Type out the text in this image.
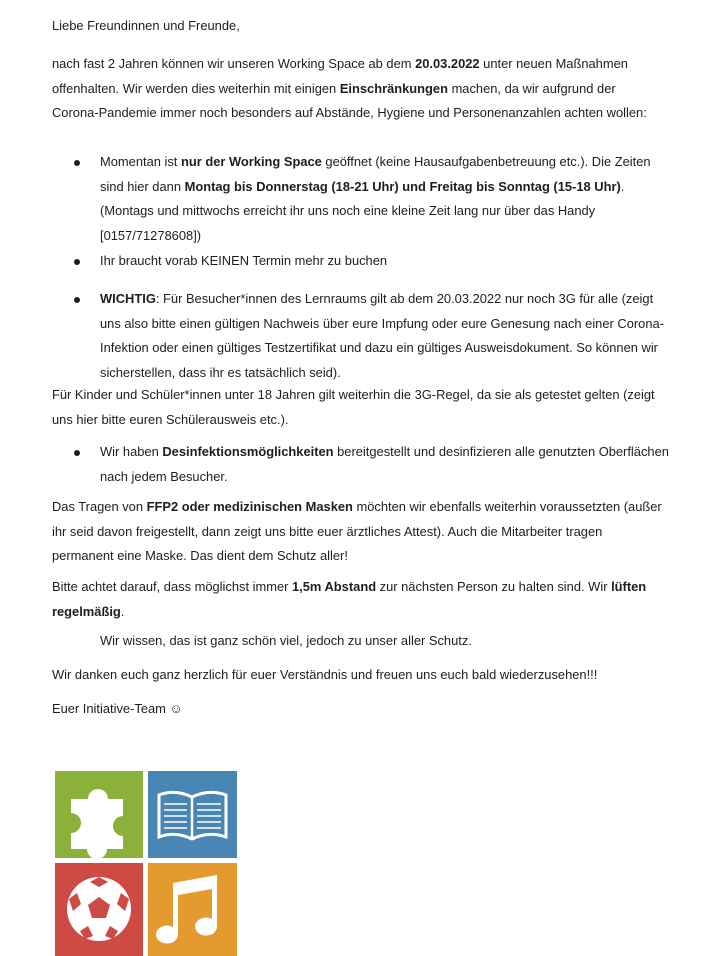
Liebe Freundinnen und Freunde,

nach fast 2 Jahren können wir unseren Working Space ab dem 20.03.2022 unter neuen Maßnahmen offenhalten. Wir werden dies weiterhin mit einigen Einschränkungen machen, da wir aufgrund der Corona-Pandemie immer noch besonders auf Abstände, Hygiene und Personenanzahlen achten wollen:

Momentan ist nur der Working Space geöffnet (keine Hausaufgabenbetreuung etc.). Die Zeiten sind hier dann Montag bis Donnerstag (18-21 Uhr) und Freitag bis Sonntag (15-18 Uhr). (Montags und mittwochs erreicht ihr uns noch eine kleine Zeit lang nur über das Handy [0157/71278608])

Ihr braucht vorab KEINEN Termin mehr zu buchen

WICHTIG: Für Besucher*innen des Lernraums gilt ab dem 20.03.2022 nur noch 3G für alle (zeigt uns also bitte einen gültigen Nachweis über eure Impfung oder eure Genesung nach einer Corona-Infektion oder einen gültiges Testzertifikat und dazu ein gültiges Ausweisdokument. So können wir sicherstellen, dass ihr es tatsächlich seid).

Für Kinder und Schüler*innen unter 18 Jahren gilt weiterhin die 3G-Regel, da sie als getestet gelten (zeigt uns hier bitte euren Schülerausweis etc.).

Wir haben Desinfektionsmöglichkeiten bereitgestellt und desinfizieren alle genutzten Oberflächen nach jedem Besucher.

Das Tragen von FFP2 oder medizinischen Masken möchten wir ebenfalls weiterhin voraussetzten (außer ihr seid davon freigestellt, dann zeigt uns bitte euer ärztliches Attest). Auch die Mitarbeiter tragen permanent eine Maske. Das dient dem Schutz aller!

Bitte achtet darauf, dass möglichst immer 1,5m Abstand zur nächsten Person zu halten sind. Wir lüften regelmäßig.

Wir wissen, das ist ganz schön viel, jedoch zu unser aller Schutz.

Wir danken euch ganz herzlich für euer Verständnis und freuen uns euch bald wiederzusehen!!!

Euer Initiative-Team ☺
